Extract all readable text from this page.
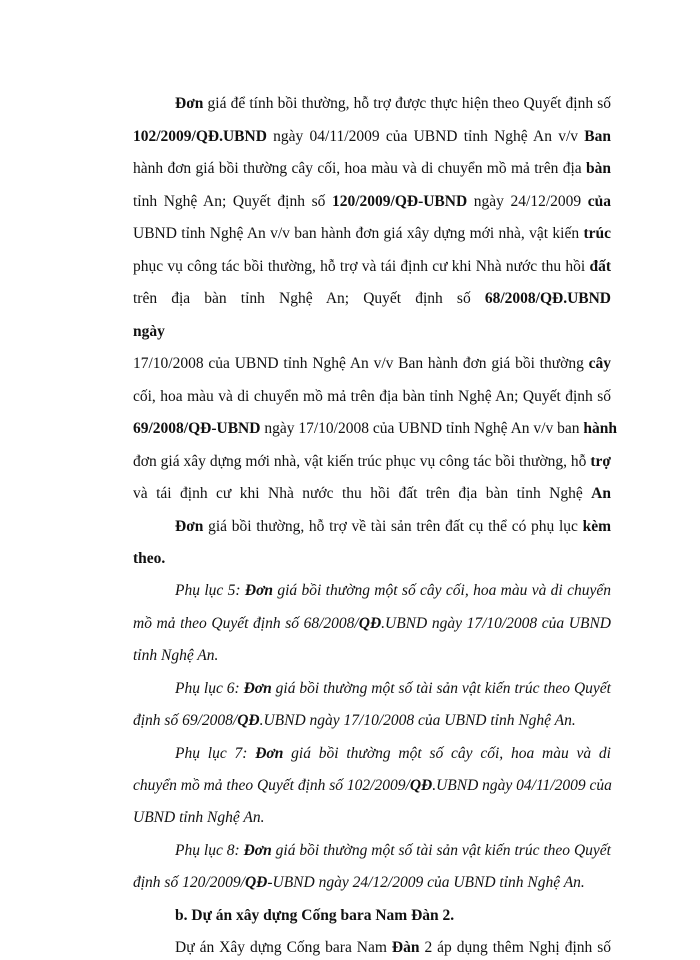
Đơn giá để tính bồi thường, hỗ trợ được thực hiện theo Quyết định số
102/2009/QĐ.UBND ngày 04/11/2009 của UBND tỉnh Nghệ An v/v Ban
hành đơn giá bồi thường cây cối, hoa màu và di chuyển mồ mả trên địa bàn
tỉnh Nghệ An; Quyết định số 120/2009/QĐ-UBND ngày 24/12/2009 của
UBND tỉnh Nghệ An v/v ban hành đơn giá xây dựng mới nhà, vật kiến trúc
phục vụ công tác bồi thường, hỗ trợ và tái định cư khi Nhà nước thu hồi đất
trên địa bàn tỉnh Nghệ An; Quyết định số 68/2008/QĐ.UBND
ngày
17/10/2008 của UBND tỉnh Nghệ An v/v Ban hành đơn giá bồi thường cây
cối, hoa màu và di chuyển mồ mả trên địa bàn tỉnh Nghệ An; Quyết định số
69/2008/QĐ-UBND ngày 17/10/2008 của UBND tỉnh Nghệ An v/v ban hành
đơn giá xây dựng mới nhà, vật kiến trúc phục vụ công tác bồi thường, hỗ trợ
và tái định cư khi Nhà nước thu hồi đất trên địa bàn tỉnh Nghệ An
Đơn giá bồi thường, hỗ trợ về tài sản trên đất cụ thể có phụ lục kèm
theo.
Phụ lục 5: Đơn giá bồi thường một số cây cối, hoa màu và di chuyển
mồ mả theo Quyết định số 68/2008/QĐ.UBND ngày 17/10/2008 của UBND
tỉnh Nghệ An.
Phụ lục 6: Đơn giá bồi thường một số tài sản vật kiến trúc theo Quyết
định số 69/2008/QĐ.UBND ngày 17/10/2008 của UBND tỉnh Nghệ An.
Phụ lục 7: Đơn giá bồi thường một số cây cối, hoa màu và di
chuyển mồ mả theo Quyết định số 102/2009/QĐ.UBND ngày 04/11/2009 của
UBND tỉnh Nghệ An.
Phụ lục 8: Đơn giá bồi thường một số tài sản vật kiến trúc theo Quyết
định số 120/2009/QĐ-UBND ngày 24/12/2009 của UBND tỉnh Nghệ An.
b. Dự án xây dựng Cống bara Nam Đàn 2.
Dự án Xây dựng Cống bara Nam Đàn 2 áp dụng thêm Nghị định số
